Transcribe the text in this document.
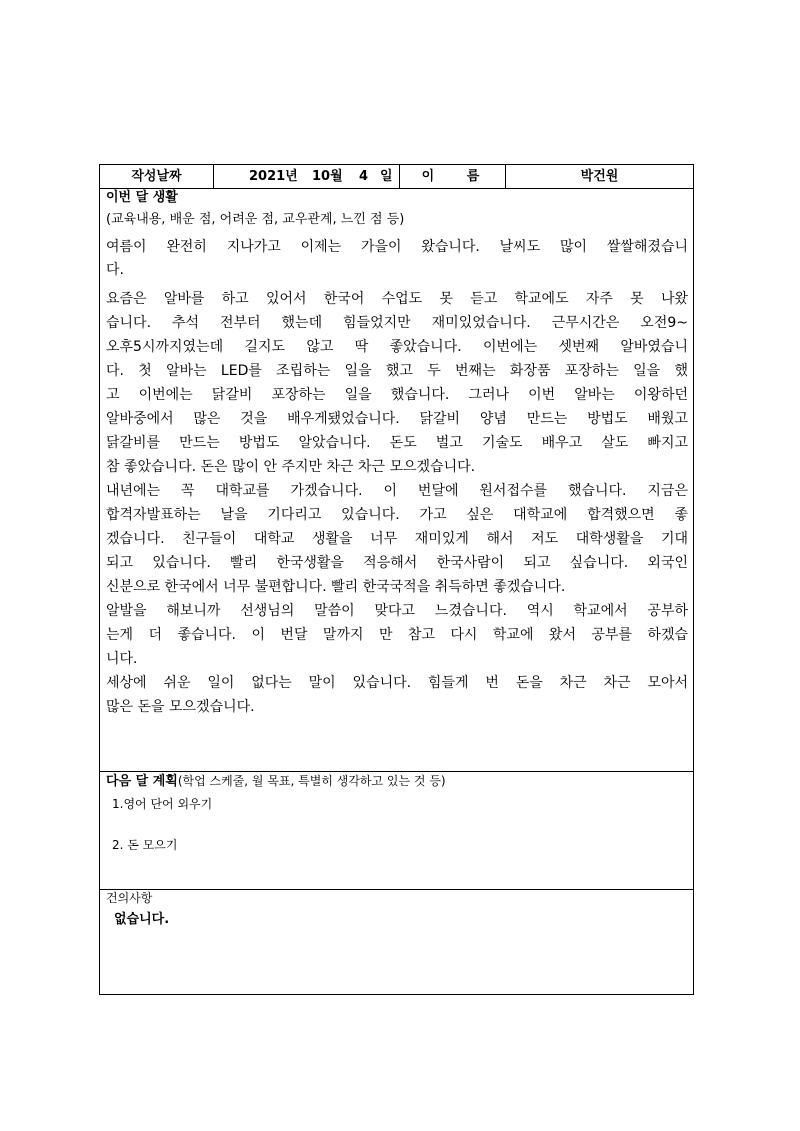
작성날짜	2021년 10월 4 일	이 름	박건원
이번 달 생활
(교육내용, 배운 점, 어려운 점, 교우관계, 느낀 점 등)
여름이 완전히 지나가고 이제는 가을이 왔습니다. 날씨도 많이 쌀쌀해졌습니
다.
요즘은 알바를 하고 있어서 한국어 수업도 못 듣고 학교에도 자주 못 나왔
습니다. 추석 전부터 했는데 힘들었지만 재미있었습니다. 근무시간은 오전9~
오후5시까지였는데 길지도 않고 딱 좋았습니다. 이번에는 셋번째 알바였습니
다. 첫 알바는 LED를 조립하는 일을 했고 두 번째는 화장품 포장하는 일을 했
고 이번에는 닭갈비 포장하는 일을 했습니다. 그러나 이번 알바는 이왕하던
알바중에서 많은 것을 배우게됐었습니다. 닭갈비 양념 만드는 방법도 배웠고
닭갈비를 만드는 방법도 알았습니다. 돈도 벌고 기술도 배우고 살도 빠지고
참 좋았습니다. 돈은 많이 안 주지만 차근 차근 모으겠습니다.
내년에는 꼭 대학교를 가겠습니다. 이 번달에 원서접수를 했습니다. 지금은
합격자발표하는 날을 기다리고 있습니다. 가고 싶은 대학교에 합격했으면 좋
겠습니다. 친구들이 대학교 생활을 너무 재미있게 해서 저도 대학생활을 기대
되고 있습니다. 빨리 한국생활을 적응해서 한국사람이 되고 싶습니다. 외국인
신분으로 한국에서 너무 불편합니다. 빨리 한국국적을 취득하면 좋겠습니다.
알발을 해보니까 선생님의 말씀이 맞다고 느겼습니다. 역시 학교에서 공부하
는게 더 좋습니다. 이 번달 말까지 만 참고 다시 학교에 왔서 공부를 하겠습
니다.
세상에 쉬운 일이 없다는 말이 있습니다. 힘들게 번 돈을 차근 차근 모아서
많은 돈을 모으겠습니다.
다음 달 계획(학업 스케줄, 월 목표, 특별히 생각하고 있는 것 등)
1.영어 단어 외우기
2. 돈 모으기
건의사항
없습니다.
